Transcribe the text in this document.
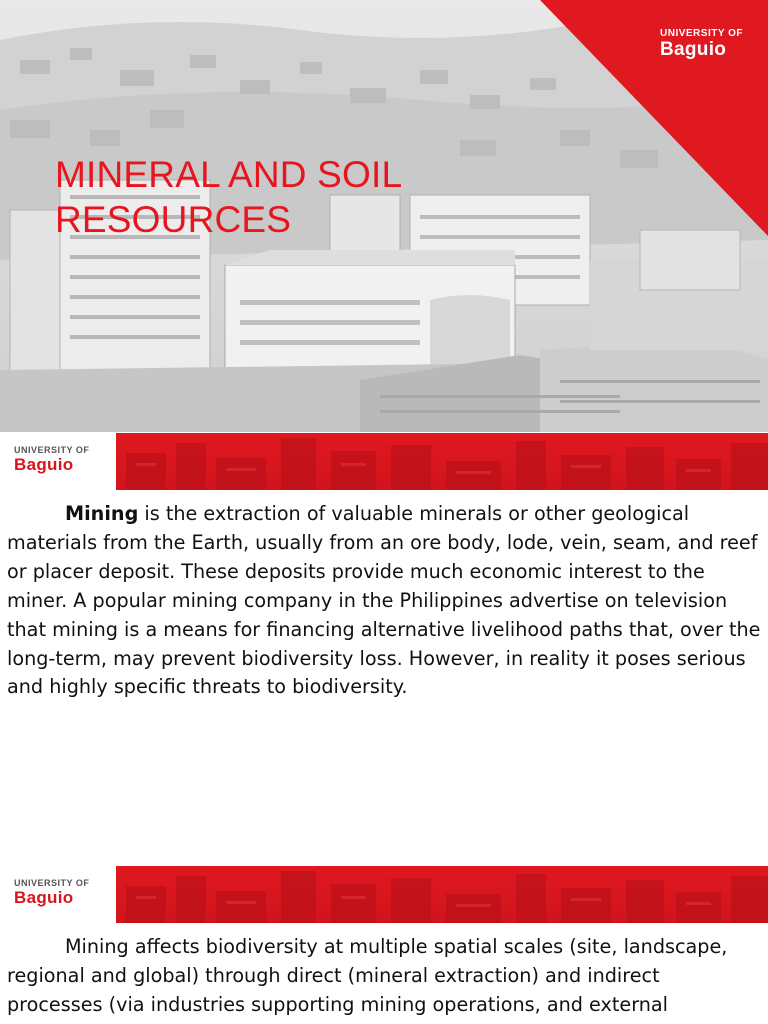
UNIVERSITY OF
Baguio
MINERAL AND SOIL
RESOURCES
UNIVERSITY OF
Baguio

Mining is the extraction of valuable minerals or other geological materials from the Earth, usually from an ore body, lode, vein, seam, and reef or placer deposit. These deposits provide much economic interest to the miner. A popular mining company in the Philippines advertise on television that mining is a means for financing alternative livelihood paths that, over the long-term, may prevent biodiversity loss. However, in reality it poses serious and highly specific threats to biodiversity.

UNIVERSITY OF
Baguio

Mining affects biodiversity at multiple spatial scales (site, landscape, regional and global) through direct (mineral extraction) and indirect processes (via industries supporting mining operations, and external
